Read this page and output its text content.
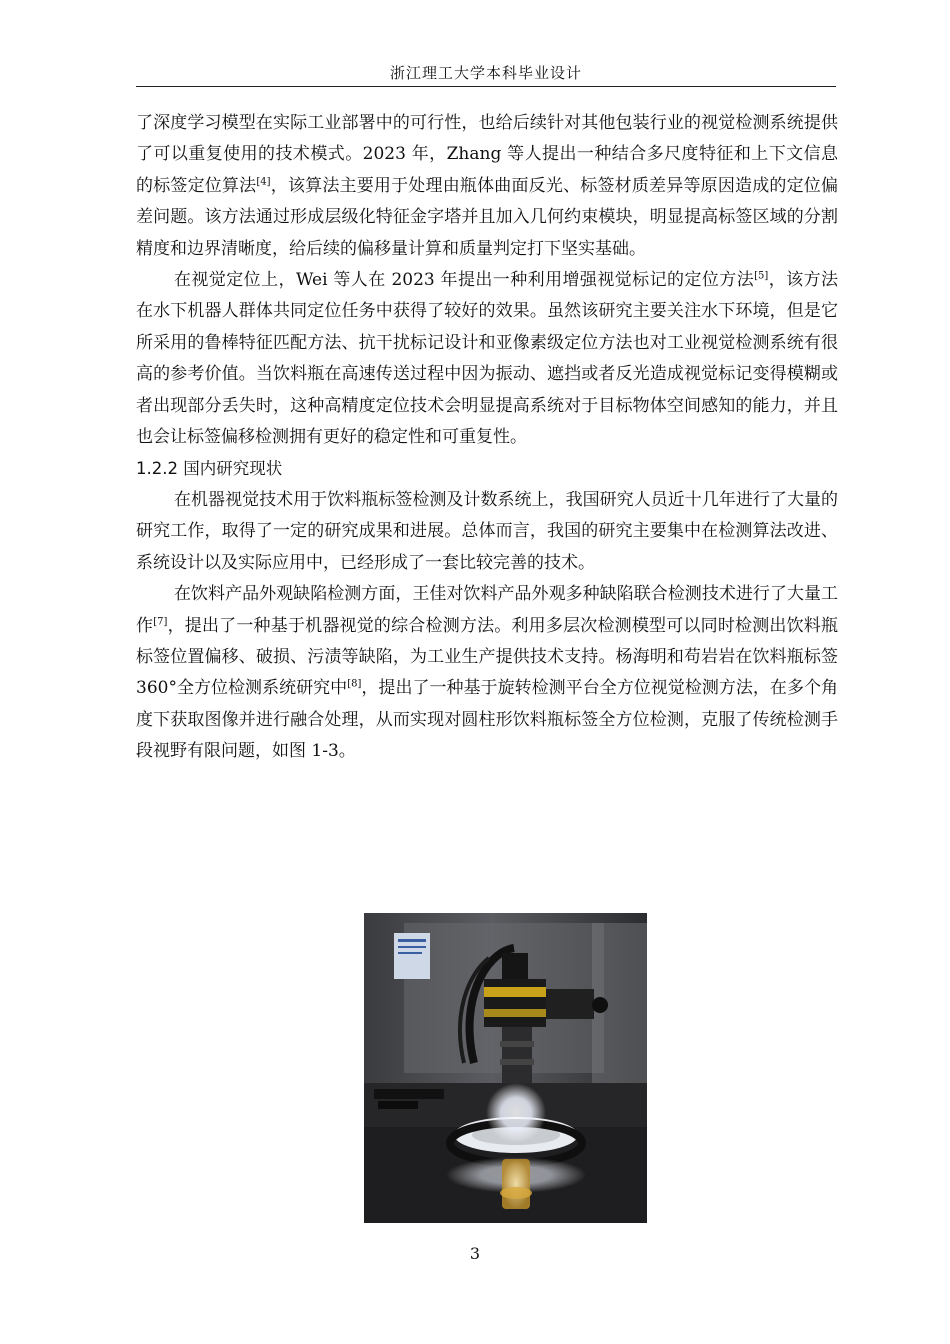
浙江理工大学本科毕业设计

了深度学习模型在实际工业部署中的可行性，也给后续针对其他包装行业的视觉检测系统提供了可以重复使用的技术模式。2023 年，Zhang 等人提出一种结合多尺度特征和上下文信息的标签定位算法[4]，该算法主要用于处理由瓶体曲面反光、标签材质差异等原因造成的定位偏差问题。该方法通过形成层级化特征金字塔并且加入几何约束模块，明显提高标签区域的分割精度和边界清晰度，给后续的偏移量计算和质量判定打下坚实基础。

在视觉定位上，Wei 等人在 2023 年提出一种利用增强视觉标记的定位方法[5]，该方法在水下机器人群体共同定位任务中获得了较好的效果。虽然该研究主要关注水下环境，但是它所采用的鲁棒特征匹配方法、抗干扰标记设计和亚像素级定位方法也对工业视觉检测系统有很高的参考价值。当饮料瓶在高速传送过程中因为振动、遮挡或者反光造成视觉标记变得模糊或者出现部分丢失时，这种高精度定位技术会明显提高系统对于目标物体空间感知的能力，并且也会让标签偏移检测拥有更好的稳定性和可重复性。

1.2.2 国内研究现状

在机器视觉技术用于饮料瓶标签检测及计数系统上，我国研究人员近十几年进行了大量的研究工作，取得了一定的研究成果和进展。总体而言，我国的研究主要集中在检测算法改进、系统设计以及实际应用中，已经形成了一套比较完善的技术。

在饮料产品外观缺陷检测方面，王佳对饮料产品外观多种缺陷联合检测技术进行了大量工作[7]，提出了一种基于机器视觉的综合检测方法。利用多层次检测模型可以同时检测出饮料瓶标签位置偏移、破损、污渍等缺陷，为工业生产提供技术支持。杨海明和苟岩岩在饮料瓶标签 360°全方位检测系统研究中[8]，提出了一种基于旋转检测平台全方位视觉检测方法，在多个角度下获取图像并进行融合处理，从而实现对圆柱形饮料瓶标签全方位检测，克服了传统检测手段视野有限问题，如图 1-3。

3
